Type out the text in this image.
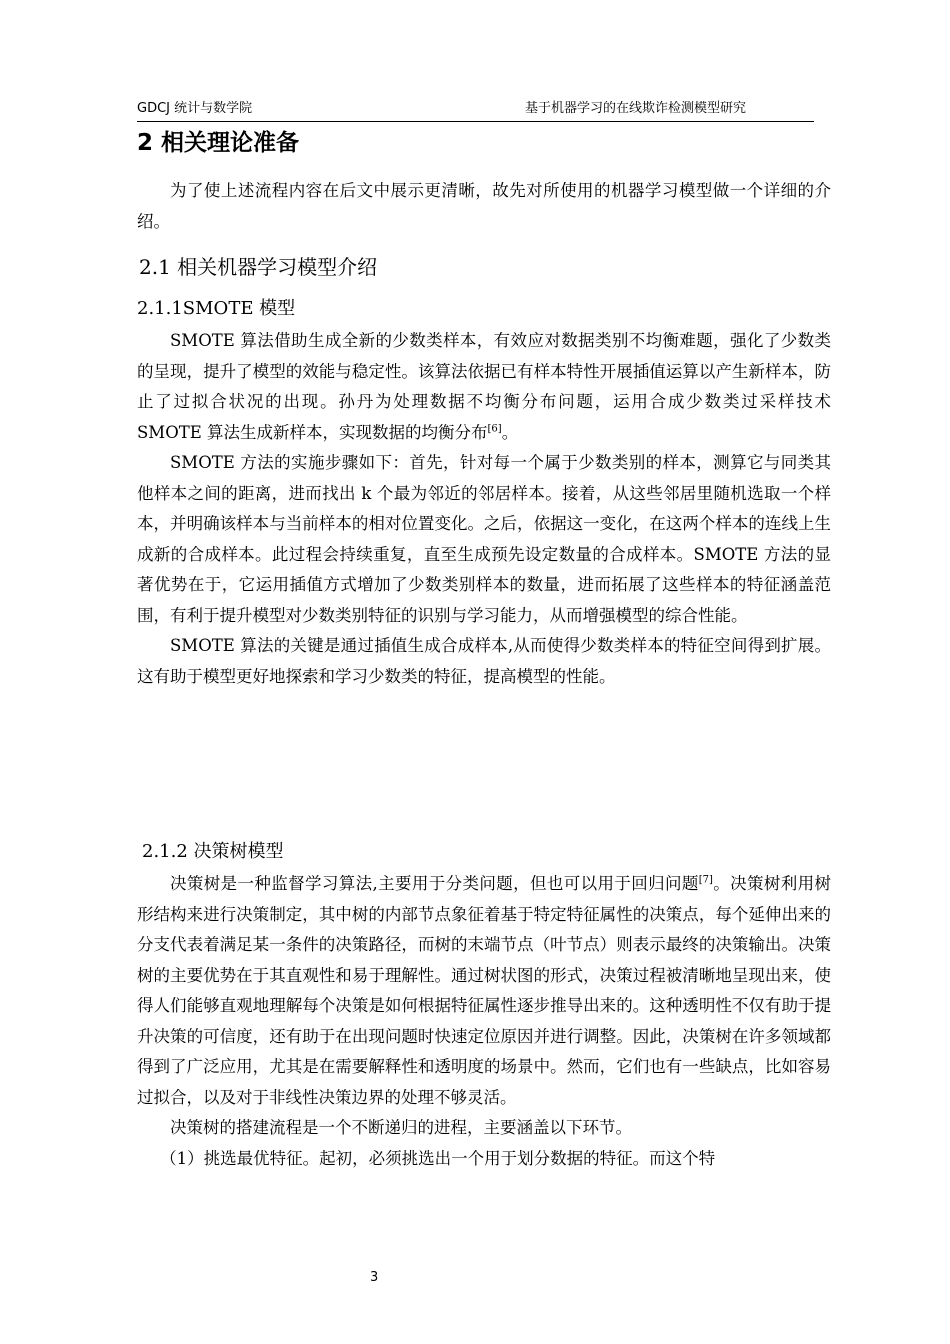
GDCJ 统计与数学院	基于机器学习的在线欺诈检测模型研究
2 相关理论准备

为了使上述流程内容在后文中展示更清晰，故先对所使用的机器学习模型做一个详细的介绍。

2.1 相关机器学习模型介绍
2.1.1SMOTE 模型

SMOTE 算法借助生成全新的少数类样本，有效应对数据类别不均衡难题，强化了少数类的呈现，提升了模型的效能与稳定性。该算法依据已有样本特性开展插值运算以产生新样本，防止了过拟合状况的出现。孙丹为处理数据不均衡分布问题，运用合成少数类过采样技术 SMOTE 算法生成新样本，实现数据的均衡分布[6]。

SMOTE 方法的实施步骤如下：首先，针对每一个属于少数类别的样本，测算它与同类其他样本之间的距离，进而找出 k 个最为邻近的邻居样本。接着，从这些邻居里随机选取一个样本，并明确该样本与当前样本的相对位置变化。之后，依据这一变化，在这两个样本的连线上生成新的合成样本。此过程会持续重复，直至生成预先设定数量的合成样本。SMOTE 方法的显著优势在于，它运用插值方式增加了少数类别样本的数量，进而拓展了这些样本的特征涵盖范围，有利于提升模型对少数类别特征的识别与学习能力，从而增强模型的综合性能。

SMOTE 算法的关键是通过插值生成合成样本,从而使得少数类样本的特征空间得到扩展。这有助于模型更好地探索和学习少数类的特征，提高模型的性能。

2.1.2 决策树模型

决策树是一种监督学习算法,主要用于分类问题，但也可以用于回归问题[7]。决策树利用树形结构来进行决策制定，其中树的内部节点象征着基于特定特征属性的决策点，每个延伸出来的分支代表着满足某一条件的决策路径，而树的末端节点（叶节点）则表示最终的决策输出。决策树的主要优势在于其直观性和易于理解性。通过树状图的形式，决策过程被清晰地呈现出来，使得人们能够直观地理解每个决策是如何根据特征属性逐步推导出来的。这种透明性不仅有助于提升决策的可信度，还有助于在出现问题时快速定位原因并进行调整。因此，决策树在许多领域都得到了广泛应用，尤其是在需要解释性和透明度的场景中。然而，它们也有一些缺点，比如容易过拟合，以及对于非线性决策边界的处理不够灵活。

决策树的搭建流程是一个不断递归的进程，主要涵盖以下环节。

（1）挑选最优特征。起初，必须挑选出一个用于划分数据的特征。而这个特

3
